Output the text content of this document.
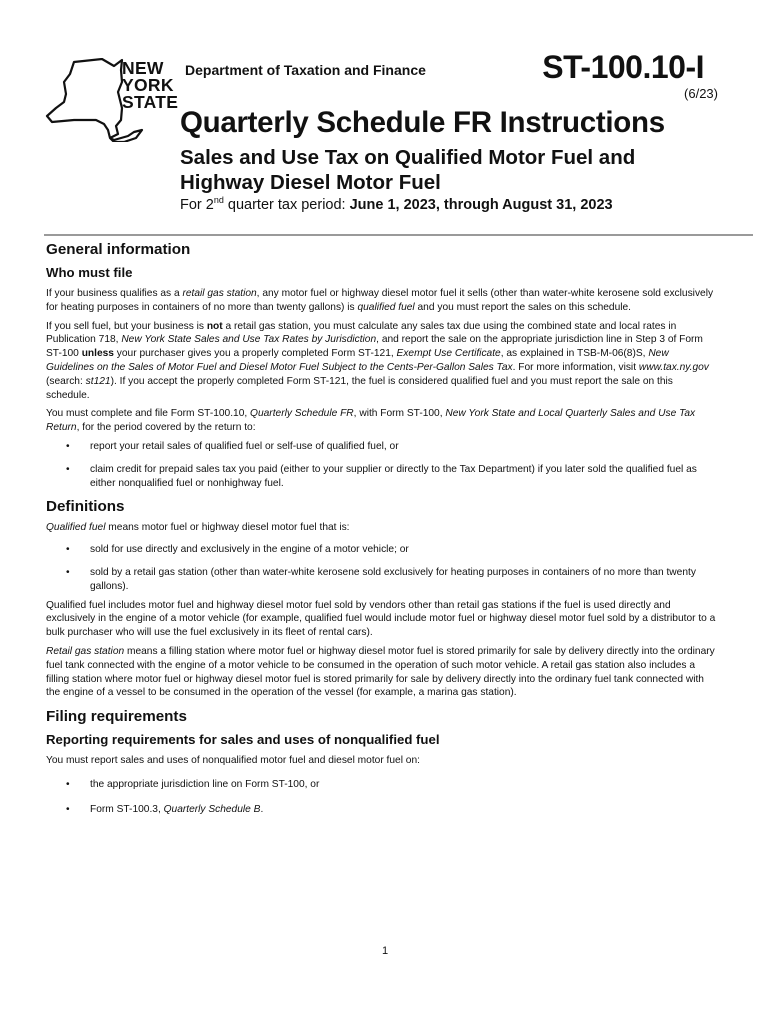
NEW
YORK
STATE
Department of Taxation and Finance	ST-100.10-I
(6/23)
Quarterly Schedule FR Instructions
Sales and Use Tax on Qualified Motor Fuel and
Highway Diesel Motor Fuel
For 2nd quarter tax period: June 1, 2023, through August 31, 2023
General information
Who must file

If your business qualifies as a retail gas station, any motor fuel or highway diesel motor fuel it sells (other than water-white kerosene sold exclusively for heating purposes in containers of no more than twenty gallons) is qualified fuel and you must report the sales on this schedule.

If you sell fuel, but your business is not a retail gas station, you must calculate any sales tax due using the combined state and local rates in Publication 718, New York State Sales and Use Tax Rates by Jurisdiction, and report the sale on the appropriate jurisdiction line in Step 3 of Form ST-100 unless your purchaser gives you a properly completed Form ST-121, Exempt Use Certificate, as explained in TSB-M-06(8)S, New Guidelines on the Sales of Motor Fuel and Diesel Motor Fuel Subject to the Cents-Per-Gallon Sales Tax. For more information, visit www.tax.ny.gov (search: st121). If you accept the properly completed Form ST-121, the fuel is considered qualified fuel and you must report the sale on this schedule.

You must complete and file Form ST-100.10, Quarterly Schedule FR, with Form ST-100, New York State and Local Quarterly Sales and Use Tax Return, for the period covered by the return to:

• report your retail sales of qualified fuel or self-use of qualified fuel, or
• claim credit for prepaid sales tax you paid (either to your supplier or directly to the Tax Department) if you later sold the qualified fuel as either nonqualified fuel or nonhighway fuel.
Definitions

Qualified fuel means motor fuel or highway diesel motor fuel that is:

• sold for use directly and exclusively in the engine of a motor vehicle; or
• sold by a retail gas station (other than water-white kerosene sold exclusively for heating purposes in containers of no more than twenty gallons).

Qualified fuel includes motor fuel and highway diesel motor fuel sold by vendors other than retail gas stations if the fuel is used directly and exclusively in the engine of a motor vehicle (for example, qualified fuel would include motor fuel or highway diesel motor fuel sold by a distributor to a bulk purchaser who will use the fuel exclusively in its fleet of rental cars).

Retail gas station means a filling station where motor fuel or highway diesel motor fuel is stored primarily for sale by delivery directly into the ordinary fuel tank connected with the engine of a motor vehicle to be consumed in the operation of such motor vehicle. A retail gas station also includes a filling station where motor fuel or highway diesel motor fuel is stored primarily for sale by delivery directly into the ordinary fuel tank connected with the engine of a vessel to be consumed in the operation of the vessel (for example, a marina gas station).

Filing requirements
Reporting requirements for sales and uses of nonqualified fuel

You must report sales and uses of nonqualified motor fuel and diesel motor fuel on:

• the appropriate jurisdiction line on Form ST-100, or
• Form ST-100.3, Quarterly Schedule B.
1
